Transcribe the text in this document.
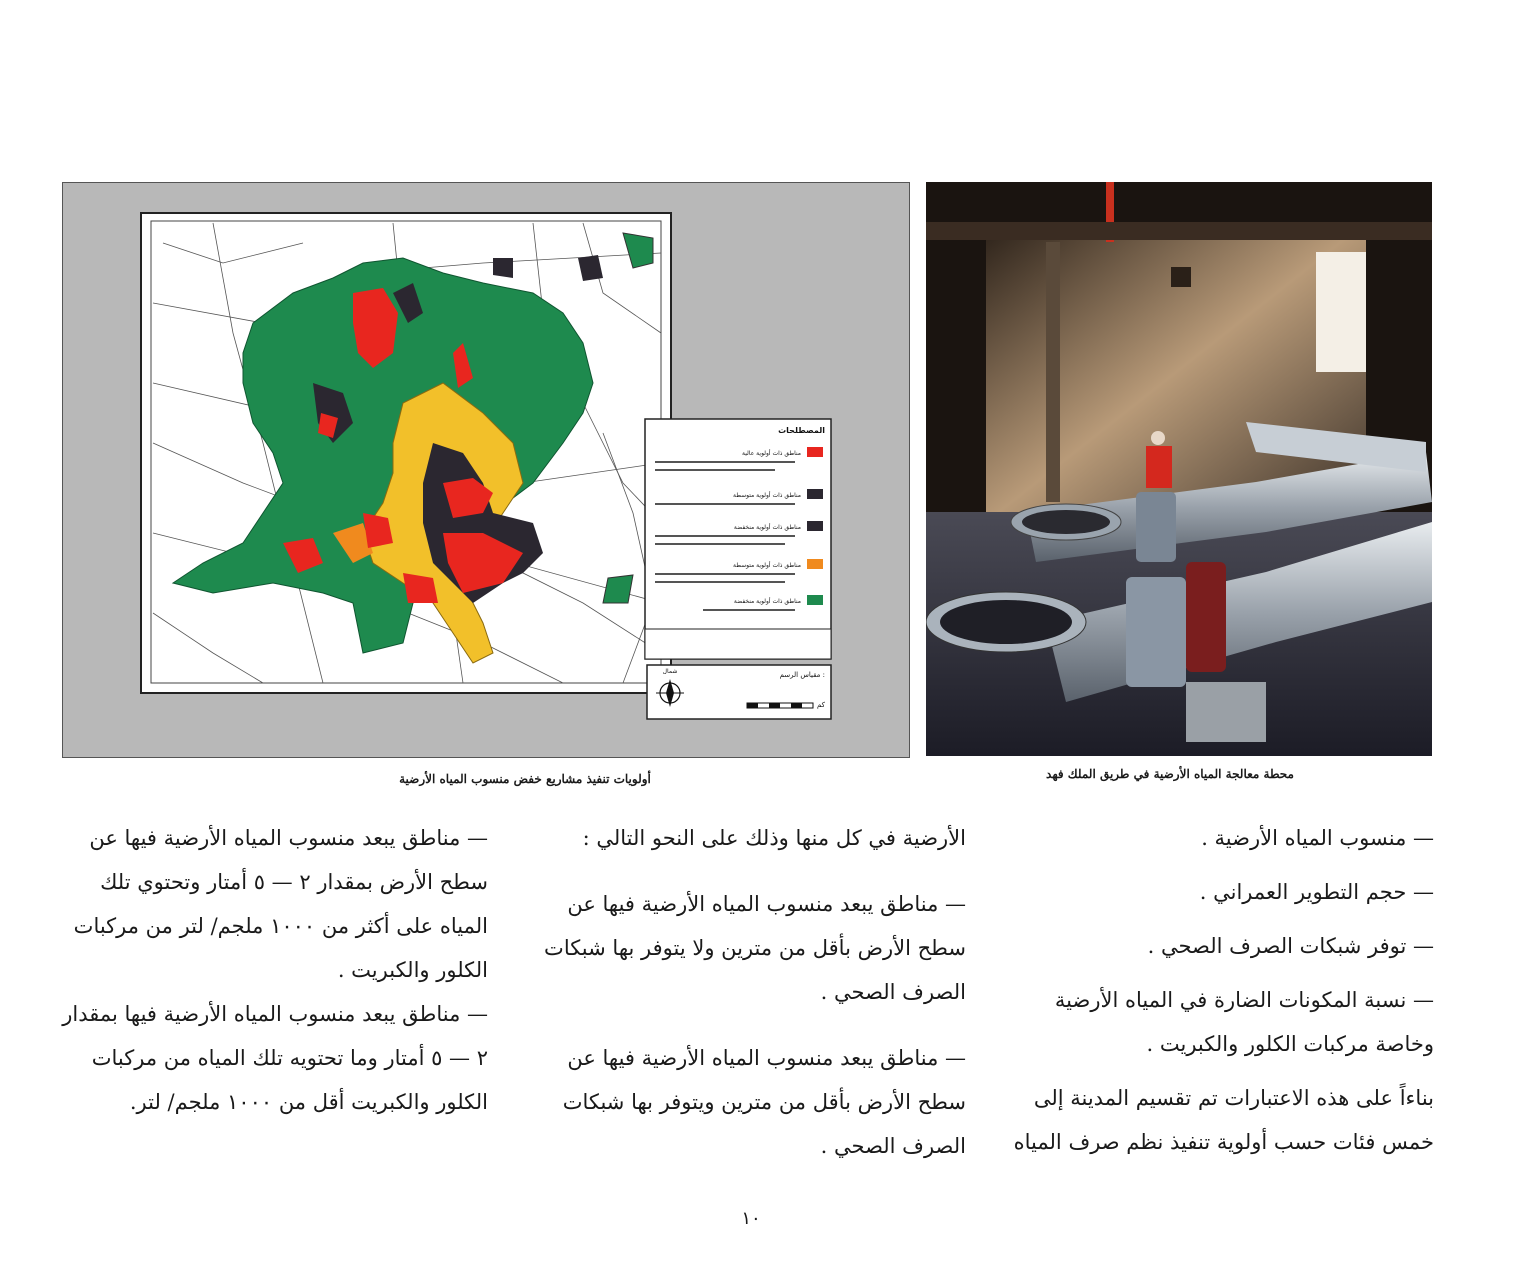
المصطلحات
مناطق ذات أولوية عالية
مناطق ذات أولوية متوسطة
مناطق ذات أولوية منخفضة
مناطق ذات أولوية متوسطة
مناطق ذات أولوية منخفضة
مقياس الرسم :
كم
شمال
أولويات تنفيذ مشاريع خفض منسوب المياه الأرضية	محطة معالجة المياه الأرضية في طريق الملك فهد

— منسوب المياه الأرضية .

— حجم التطوير العمراني .

— توفر شبكات الصرف الصحي .

— نسبة المكونات الضارة في المياه الأرضية وخاصة مركبات الكلور والكبريت .

بناءاً على هذه الاعتبارات تم تقسيم المدينة إلى خمس فئات حسب أولوية تنفيذ نظم صرف المياه

الأرضية في كل منها وذلك على النحو التالي :

— مناطق يبعد منسوب المياه الأرضية فيها عن سطح الأرض بأقل من مترين ولا يتوفر بها شبكات الصرف الصحي .

— مناطق يبعد منسوب المياه الأرضية فيها عن سطح الأرض بأقل من مترين ويتوفر بها شبكات الصرف الصحي .

— مناطق يبعد منسوب المياه الأرضية فيها عن سطح الأرض بمقدار ٢ — ٥ أمتار وتحتوي تلك المياه على أكثر من ١٠٠٠ ملجم/ لتر من مركبات الكلور والكبريت .

— مناطق يبعد منسوب المياه الأرضية فيها بمقدار ٢ — ٥ أمتار وما تحتويه تلك المياه من مركبات الكلور والكبريت أقل من ١٠٠٠ ملجم/ لتر.

١٠
